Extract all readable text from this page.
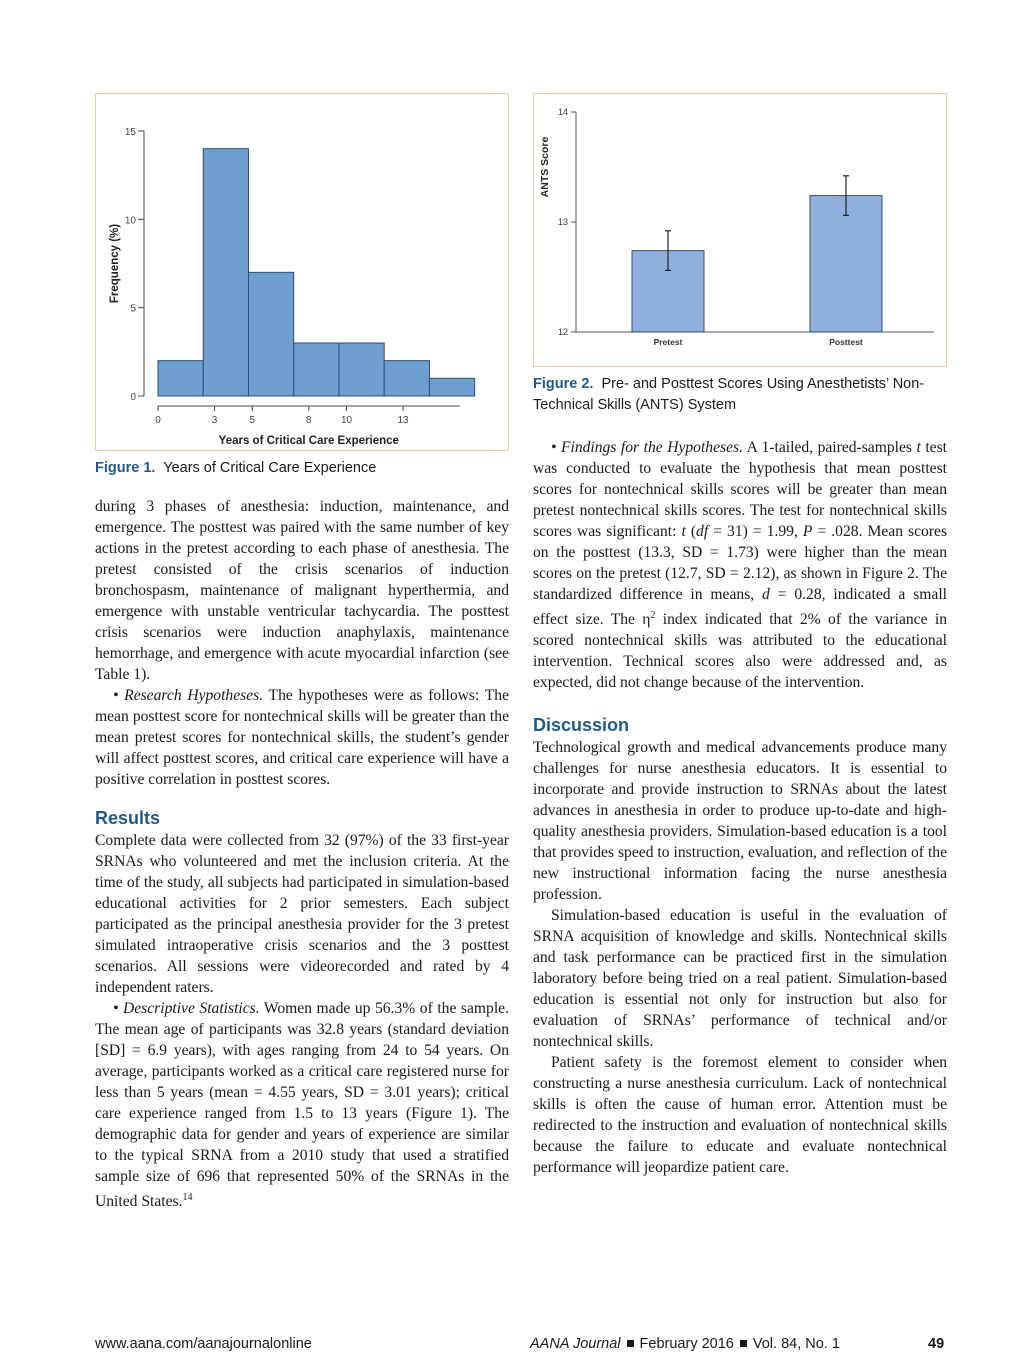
0
5
10
15
0	3	5	8	10	13
Years of Critical Care Experience
Frequency (%)
Figure 1. Years of Critical Care Experience

during 3 phases of anesthesia: induction, maintenance, and emergence. The posttest was paired with the same number of key actions in the pretest according to each phase of anesthesia. The pretest consisted of the crisis scenarios of induction bronchospasm, maintenance of malignant hyperthermia, and emergence with unstable ventricular tachycardia. The posttest crisis scenarios were induction anaphylaxis, maintenance hemorrhage, and emergence with acute myocardial infarction (see Table 1).

• Research Hypotheses. The hypotheses were as follows: The mean posttest score for nontechnical skills will be greater than the mean pretest scores for nontechnical skills, the student’s gender will affect posttest scores, and critical care experience will have a positive correlation in posttest scores.

Results

Complete data were collected from 32 (97%) of the 33 first-year SRNAs who volunteered and met the inclusion criteria. At the time of the study, all subjects had participated in simulation-based educational activities for 2 prior semesters. Each subject participated as the principal anesthesia provider for the 3 pretest simulated intraoperative crisis scenarios and the 3 posttest scenarios. All sessions were videorecorded and rated by 4 independent raters.

• Descriptive Statistics. Women made up 56.3% of the sample. The mean age of participants was 32.8 years (standard deviation [SD] = 6.9 years), with ages ranging from 24 to 54 years. On average, participants worked as a critical care registered nurse for less than 5 years (mean = 4.55 years, SD = 3.01 years); critical care experience ranged from 1.5 to 13 years (Figure 1). The demographic data for gender and years of experience are similar to the typical SRNA from a 2010 study that used a stratified sample size of 696 that represented 50% of the SRNAs in the United States.$^{14}$

12
13
14
Pretest	Posttest
ANTS Score
Figure 2. Pre- and Posttest Scores Using Anesthetists’ Non-Technical Skills (ANTS) System

• Findings for the Hypotheses. A 1-tailed, paired-samples t test was conducted to evaluate the hypothesis that mean posttest scores for nontechnical skills scores will be greater than mean pretest nontechnical skills scores. The test for nontechnical skills scores was significant: t (df = 31) = 1.99, P = .028. Mean scores on the posttest (13.3, SD = 1.73) were higher than the mean scores on the pretest (12.7, SD = 2.12), as shown in Figure 2. The standardized difference in means, d = 0.28, indicated a small effect size. The $\eta^2$ index indicated that 2% of the variance in scored nontechnical skills was attributed to the educational intervention. Technical scores also were addressed and, as expected, did not change because of the intervention.

Discussion

Technological growth and medical advancements produce many challenges for nurse anesthesia educators. It is essential to incorporate and provide instruction to SRNAs about the latest advances in anesthesia in order to produce up-to-date and high-quality anesthesia providers. Simulation-based education is a tool that provides speed to instruction, evaluation, and reflection of the new instructional information facing the nurse anesthesia profession.

Simulation-based education is useful in the evaluation of SRNA acquisition of knowledge and skills. Nontechnical skills and task performance can be practiced first in the simulation laboratory before being tried on a real patient. Simulation-based education is essential not only for instruction but also for evaluation of SRNAs’ performance of technical and/or nontechnical skills.

Patient safety is the foremost element to consider when constructing a nurse anesthesia curriculum. Lack of nontechnical skills is often the cause of human error. Attention must be redirected to the instruction and evaluation of nontechnical skills because the failure to educate and evaluate nontechnical performance will jeopardize patient care.

www.aana.com/aanajournalonline	AANA Journal February 2016 Vol. 84, No. 1	49
